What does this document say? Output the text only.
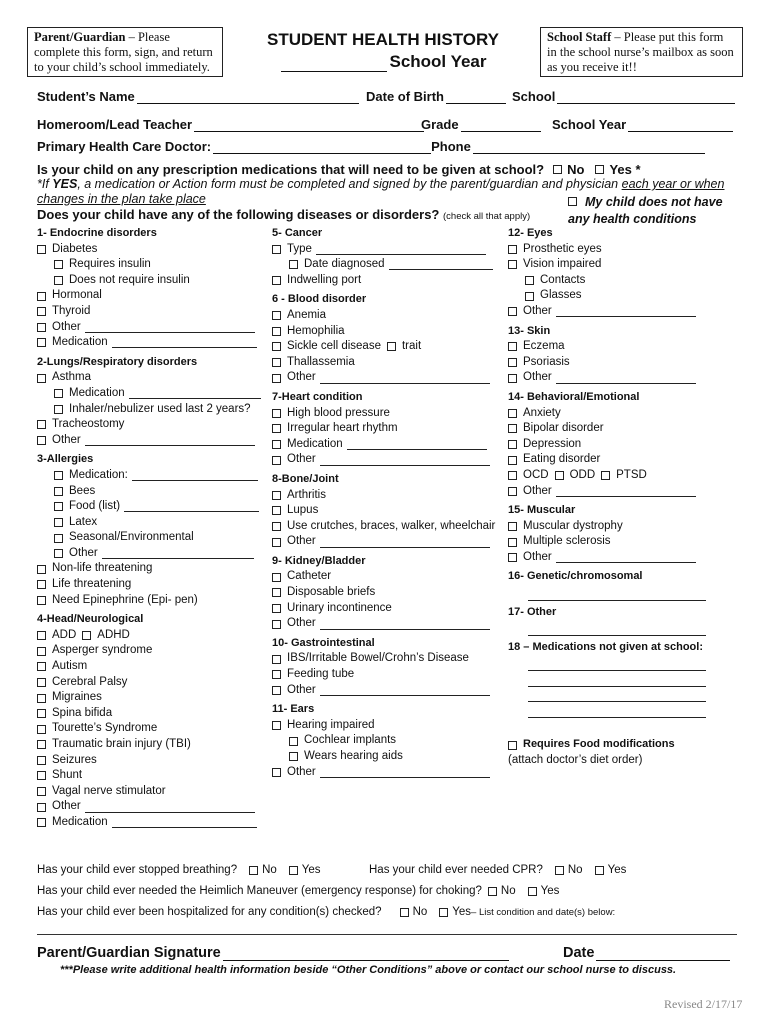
Parent/Guardian – Please complete this form, sign, and return to your child’s school immediately.
STUDENT HEALTH HISTORY
School Year
School Staff – Please put this form in the school nurse’s mailbox as soon as you receive it!!
Student’s Name	Date of Birth	School
Homeroom/Lead Teacher	Grade	School Year
Primary Health Care Doctor:	Phone
Is your child on any prescription medications that will need to be given at school? No Yes *
*If YES, a medication or Action form must be completed and signed by the parent/guardian and physician each year or when changes in the plan take place
Does your child have any of the following diseases or disorders? (check all that apply)
My child does not have any health conditions
1- Endocrine disorders
Diabetes
Requires insulin
Does not require insulin
Hormonal
Thyroid
Other
Medication
2-Lungs/Respiratory disorders
Asthma
Medication
Inhaler/nebulizer used last 2 years?
Tracheostomy
Other
3-Allergies
Medication:
Bees
Food (list)
Latex
Seasonal/Environmental
Other
Non-life threatening
Life threatening
Need Epinephrine (Epi- pen)
4-Head/Neurological
ADD ADHD
Asperger syndrome
Autism
Cerebral Palsy
Migraines
Spina bifida
Tourette’s Syndrome
Traumatic brain injury (TBI)
Seizures
Shunt
Vagal nerve stimulator
Other
Medication
5- Cancer
Type
Date diagnosed
Indwelling port
6 - Blood disorder
Anemia
Hemophilia
Sickle cell disease trait
Thallassemia
Other
7-Heart condition
High blood pressure
Irregular heart rhythm
Medication
Other
8-Bone/Joint
Arthritis
Lupus
Use crutches, braces, walker, wheelchair
Other
9- Kidney/Bladder
Catheter
Disposable briefs
Urinary incontinence
Other
10- Gastrointestinal
IBS/Irritable Bowel/Crohn’s Disease
Feeding tube
Other
11- Ears
Hearing impaired
Cochlear implants
Wears hearing aids
Other
12- Eyes
Prosthetic eyes
Vision impaired
Contacts
Glasses
Other
13- Skin
Eczema
Psoriasis
Other
14- Behavioral/Emotional
Anxiety
Bipolar disorder
Depression
Eating disorder
OCD ODD PTSD
Other
15- Muscular
Muscular dystrophy
Multiple sclerosis
Other
16- Genetic/chromosomal
17- Other
18 – Medications not given at school:
Requires Food modifications
(attach doctor’s diet order)
Has your child ever stopped breathing? No Yes	Has your child ever needed CPR? No Yes
Has your child ever needed the Heimlich Maneuver (emergency response) for choking? No Yes
Has your child ever been hospitalized for any condition(s) checked?	No Yes – List condition and date(s) below:
Parent/Guardian Signature	Date
***Please write additional health information beside “Other Conditions” above or contact our school nurse to discuss.
Revised 2/17/17
